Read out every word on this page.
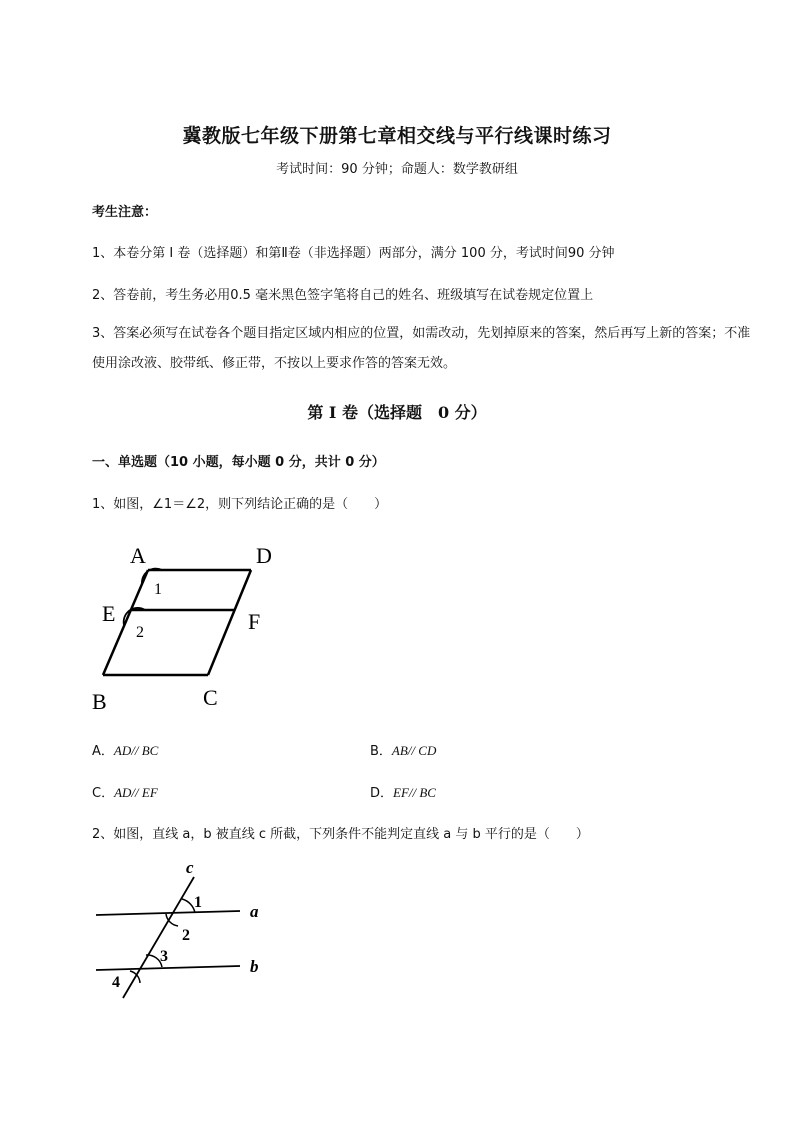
冀教版七年级下册第七章相交线与平行线课时练习
考试时间：90 分钟；命题人：数学教研组
考生注意：
1、本卷分第 I 卷（选择题）和第Ⅱ卷（非选择题）两部分，满分 100 分，考试时间90 分钟
2、答卷前，考生务必用0.5 毫米黑色签字笔将自己的姓名、班级填写在试卷规定位置上
3、答案必须写在试卷各个题目指定区域内相应的位置，如需改动，先划掉原来的答案，然后再写上新的答案；不准使用涂改液、胶带纸、修正带，不按以上要求作答的答案无效。
第 I 卷（选择题　0 分）
一、单选题（10 小题，每小题 0 分，共计 0 分）
1、如图，∠1＝∠2，则下列结论正确的是（　　）
A	D
E	F
B	C
1
2
A．AD// BC	B．AB// CD
C．AD// EF	D．EF// BC
2、如图，直线 a，b 被直线 c 所截，下列条件不能判定直线 a 与 b 平行的是（　　）
c
a
b
1
2
3
4
